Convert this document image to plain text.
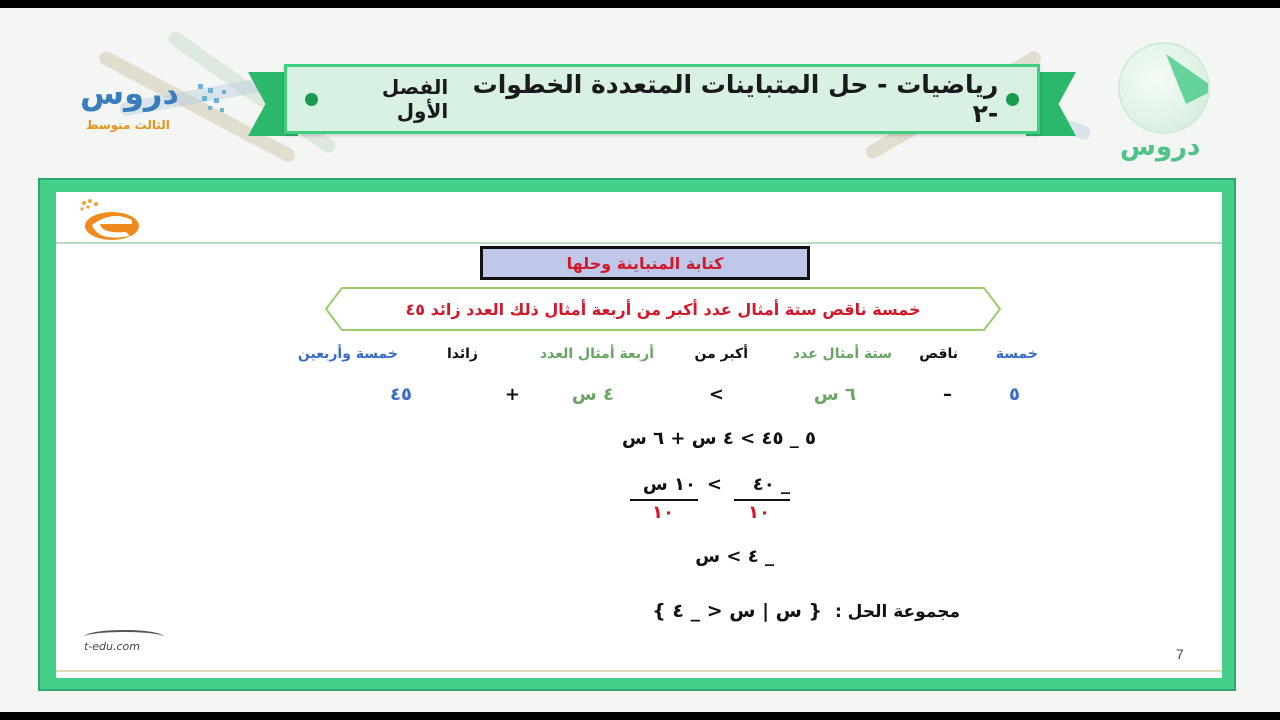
دروس
الثالث متوسط
دروس
رياضيات - حل المتباينات المتعددة الخطوات -٢
الفصل الأول
كتابة المتباينة وحلها
خمسة ناقص ستة أمثال عدد أكبر من أربعة أمثال ذلك العدد زائد ٤٥
خمسة
ناقص
ستة أمثال عدد
أكبر من
أربعة أمثال العدد
زائدا
خمسة وأربعين
٥
–
٦ س
>
٤ س
+
٤٥
٥ _ ٤٥ > ٤ س + ٦ س
_ ٤٠
١٠
>
١٠ س
١٠
_ ٤ > س
مجموعة الحل :
{ س | س < _ ٤ }
t-edu.com	7
